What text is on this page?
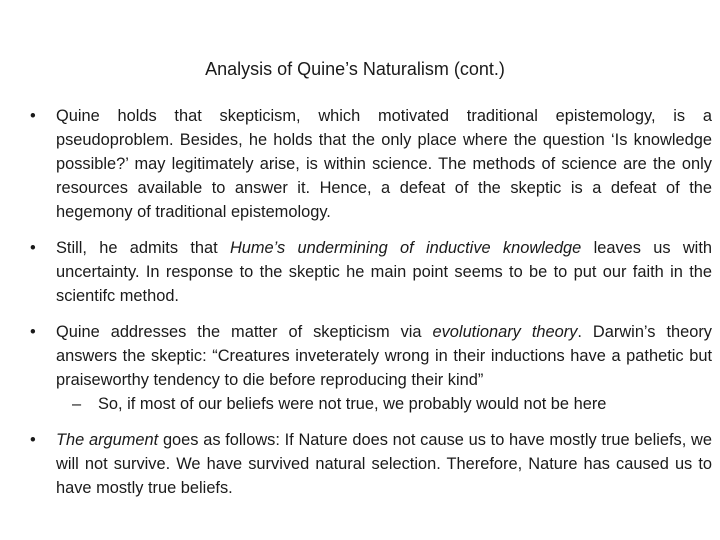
Analysis of Quine’s Naturalism (cont.)
•	Quine holds that skepticism, which motivated traditional epistemology, is a pseudoproblem. Besides, he holds that the only place where the question ‘Is knowledge possible?’ may legitimately arise, is within science. The methods of science are the only resources available to answer it. Hence, a defeat of the skeptic is a defeat of the hegemony of traditional epistemology.
•	Still, he admits that Hume’s undermining of inductive knowledge leaves us with uncertainty. In response to the skeptic he main point seems to be to put our faith in the scientifc method.
•	Quine addresses the matter of skepticism via evolutionary theory. Darwin’s theory answers the skeptic: “Creatures inveterately wrong in their inductions have a pathetic but praiseworthy tendency to die before reproducing their kind”
– So, if most of our beliefs were not true, we probably would not be here
•	The argument goes as follows: If Nature does not cause us to have mostly true beliefs, we will not survive. We have survived natural selection. Therefore, Nature has caused us to have mostly true beliefs.
